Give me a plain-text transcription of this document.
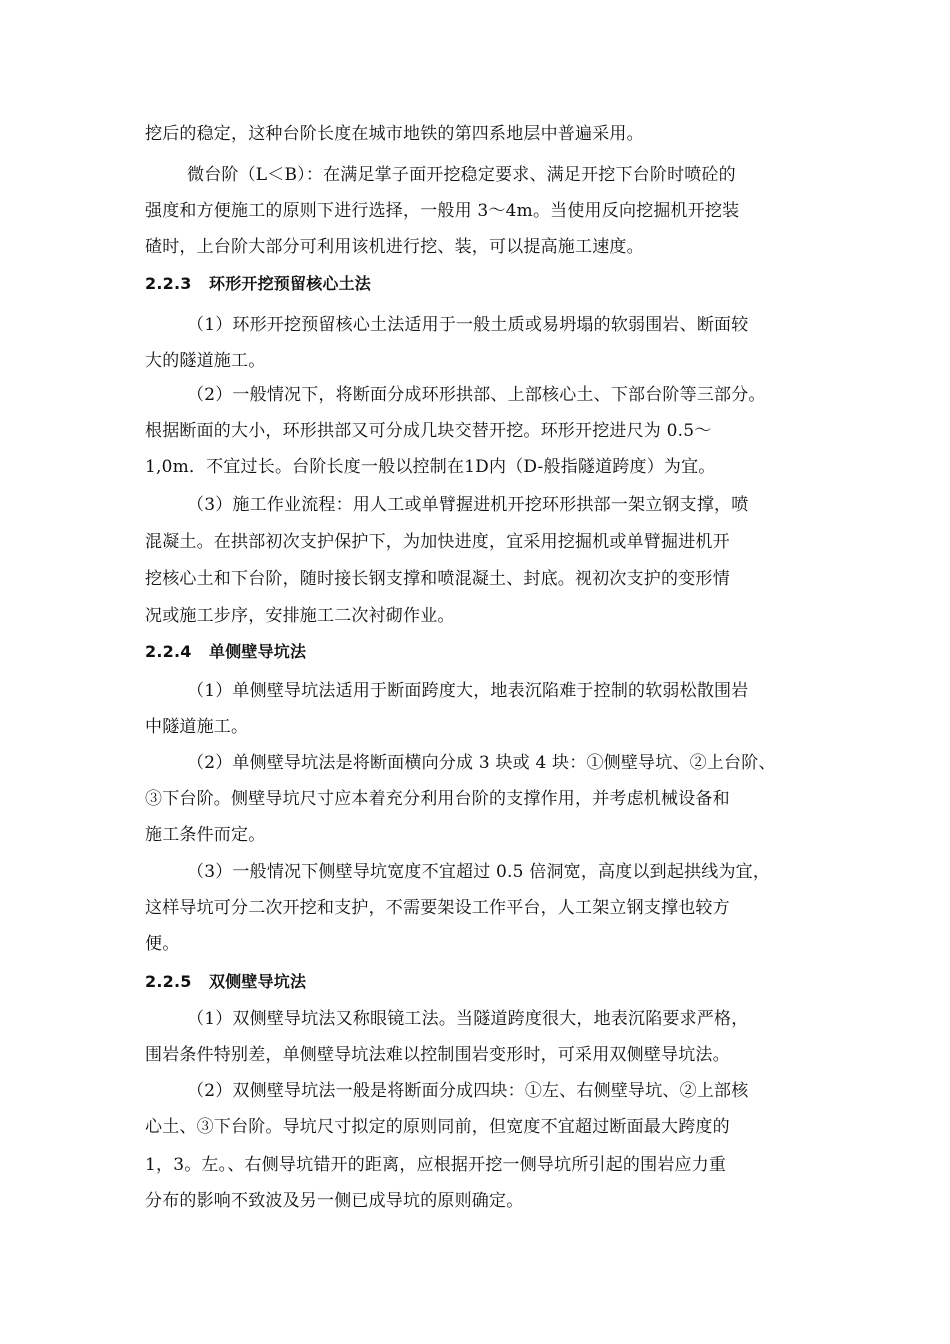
挖后的稳定，这种台阶长度在城市地铁的第四系地层中普遍采用。
微台阶（L＜B）：在满足掌子面开挖稳定要求、满足开挖下台阶时喷砼的
强度和方便施工的原则下进行选择，一般用 3～4m。当使用反向挖掘机开挖装
碴时，上台阶大部分可利用该机进行挖、装，可以提高施工速度。
2.2.3 环形开挖预留核心土法
（1）环形开挖预留核心土法适用于一般土质或易坍塌的软弱围岩、断面较
大的隧道施工。
（2）一般情况下，将断面分成环形拱部、上部核心土、下部台阶等三部分。
根据断面的大小，环形拱部又可分成几块交替开挖。环形开挖进尺为 0.5～
1,0m．不宜过长。台阶长度一般以控制在1D内（D-般指隧道跨度）为宜。
（3）施工作业流程：用人工或单臂握进机开挖环形拱部一架立钢支撑，喷
混凝土。在拱部初次支护保护下，为加快进度，宜采用挖掘机或单臂掘进机开
挖核心土和下台阶，随时接长钢支撑和喷混凝土、封底。视初次支护的变形情
况或施工步序，安排施工二次衬砌作业。
2.2.4 单侧壁导坑法
（1）单侧壁导坑法适用于断面跨度大，地表沉陷难于控制的软弱松散围岩
中隧道施工。
（2）单侧壁导坑法是将断面横向分成 3 块或 4 块：①侧壁导坑、②上台阶、
③下台阶。侧壁导坑尺寸应本着充分利用台阶的支撑作用，并考虑机械设备和
施工条件而定。
（3）一般情况下侧壁导坑宽度不宜超过 0.5 倍洞宽，高度以到起拱线为宜，
这样导坑可分二次开挖和支护，不需要架设工作平台，人工架立钢支撑也较方
便。
2.2.5 双侧壁导坑法
（1）双侧壁导坑法又称眼镜工法。当隧道跨度很大，地表沉陷要求严格，
围岩条件特别差，单侧壁导坑法难以控制围岩变形时，可采用双侧壁导坑法。
（2）双侧壁导坑法一般是将断面分成四块：①左、右侧壁导坑、②上部核
心土、③下台阶。导坑尺寸拟定的原则同前，但宽度不宜超过断面最大跨度的
1，3。左。、右侧导坑错开的距离，应根据开挖一侧导坑所引起的围岩应力重
分布的影响不致波及另一侧已成导坑的原则确定。
